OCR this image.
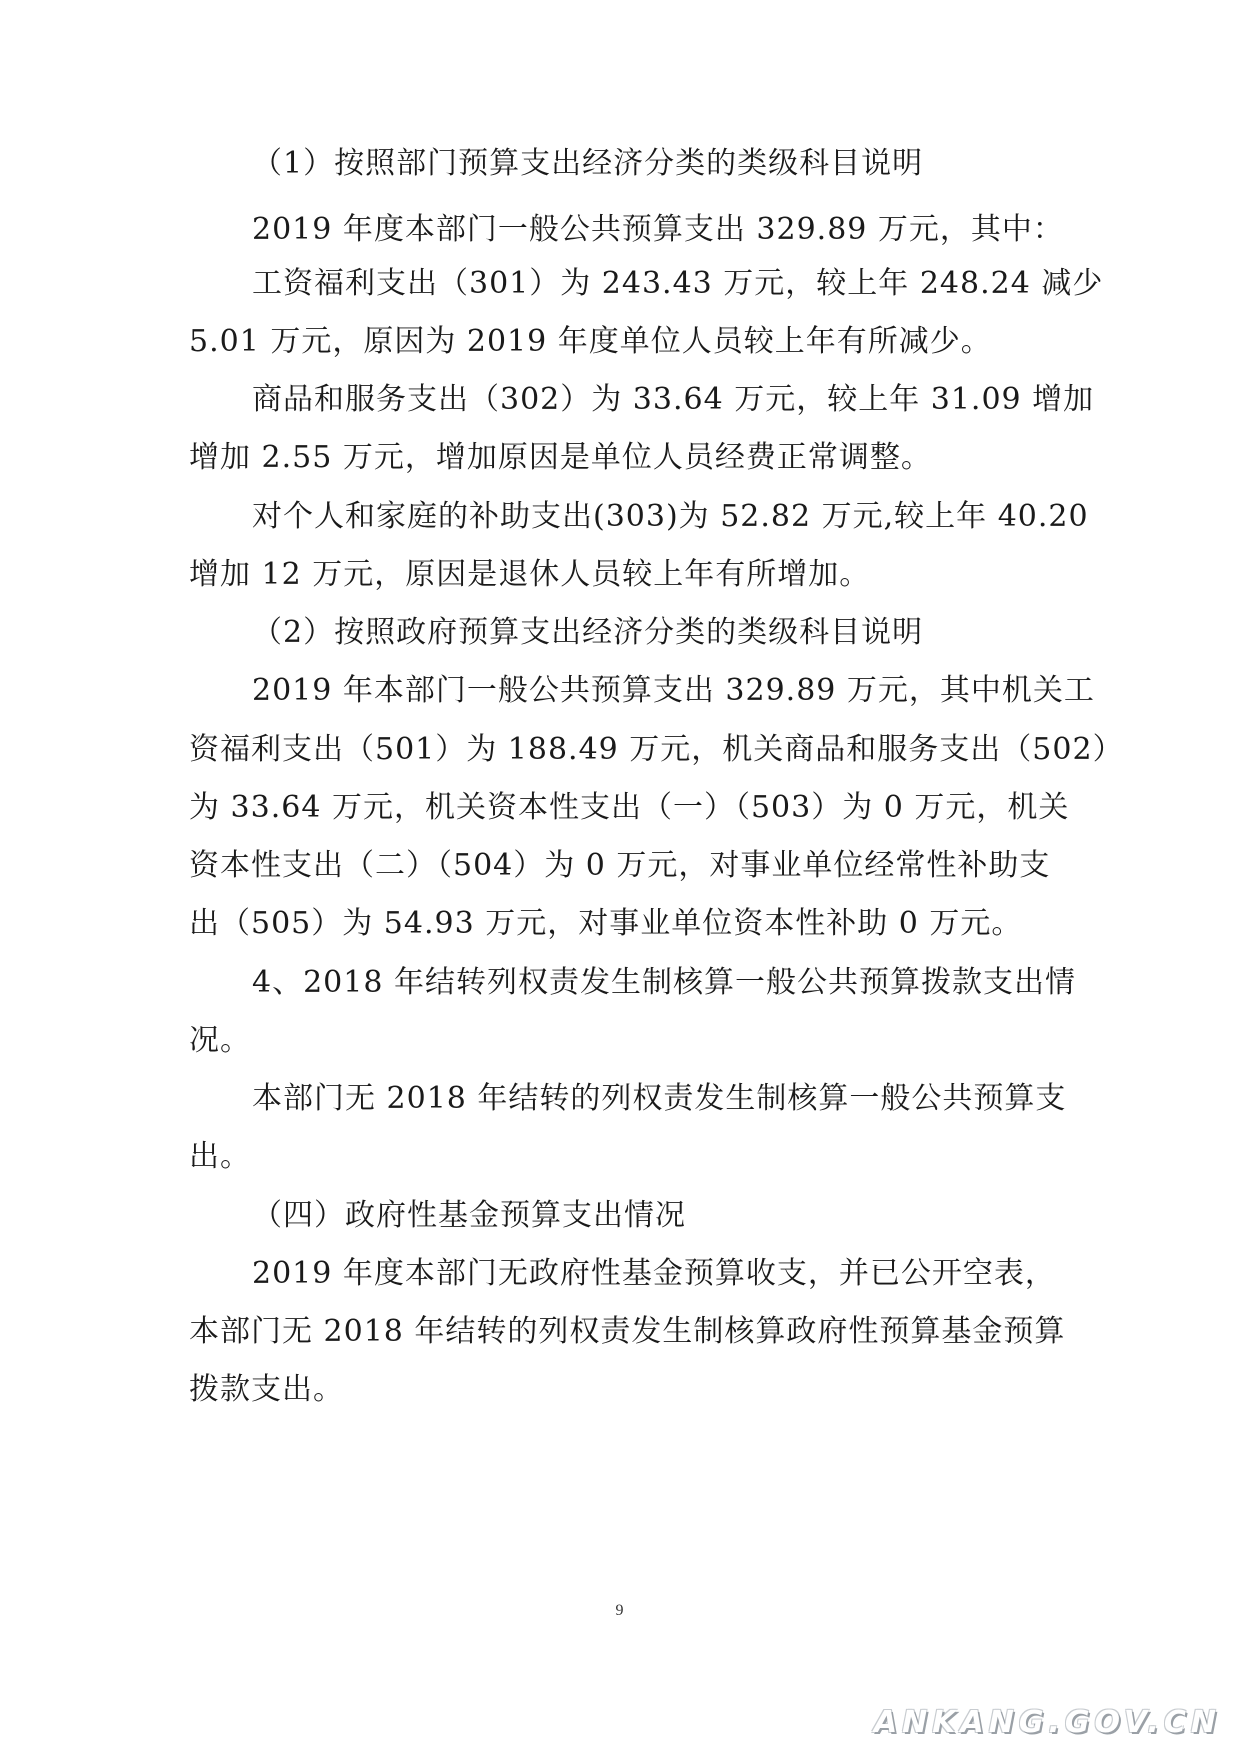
（1）按照部门预算支出经济分类的类级科目说明
2019 年度本部门一般公共预算支出 329.89 万元，其中：
工资福利支出（301）为 243.43 万元，较上年 248.24 减少
5.01 万元，原因为 2019 年度单位人员较上年有所减少。
商品和服务支出（302）为 33.64 万元，较上年 31.09 增加
增加 2.55 万元，增加原因是单位人员经费正常调整。
对个人和家庭的补助支出(303)为 52.82 万元,较上年 40.20
增加 12 万元，原因是退休人员较上年有所增加。
（2）按照政府预算支出经济分类的类级科目说明
2019 年本部门一般公共预算支出 329.89 万元，其中机关工
资福利支出（501）为 188.49 万元，机关商品和服务支出（502）
为 33.64 万元，机关资本性支出（一）（503）为 0 万元，机关
资本性支出（二）（504）为 0 万元，对事业单位经常性补助支
出（505）为 54.93 万元，对事业单位资本性补助 0 万元。
4、2018 年结转列权责发生制核算一般公共预算拨款支出情
况。
本部门无 2018 年结转的列权责发生制核算一般公共预算支
出。
（四）政府性基金预算支出情况
2019 年度本部门无政府性基金预算收支，并已公开空表，
本部门无 2018 年结转的列权责发生制核算政府性预算基金预算
拨款支出。
9
ANKANG.GOV.CN
